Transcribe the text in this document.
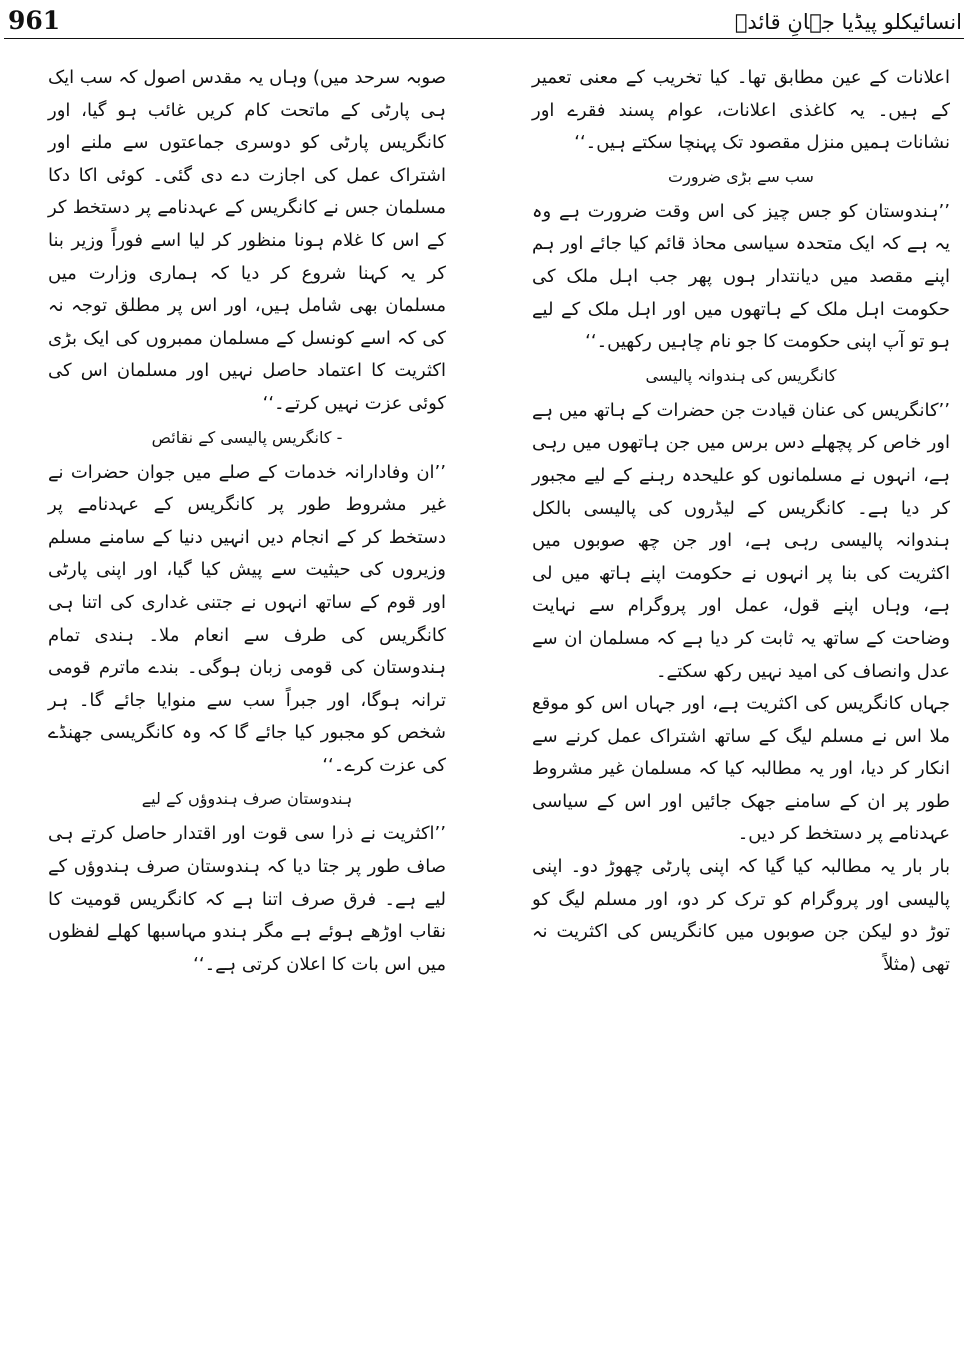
961	انسائیکلو پیڈیا جہانِ قائدؒ

اعلانات کے عین مطابق تھا۔ کیا تخریب کے معنی تعمیر کے ہیں۔ یہ کاغذی اعلانات، عوام پسند فقرے اور نشانات ہمیں منزل مقصود تک پہنچا سکتے ہیں۔‘‘

سب سے بڑی ضرورت

’’ہندوستان کو جس چیز کی اس وقت ضرورت ہے وہ یہ ہے کہ ایک متحدہ سیاسی محاذ قائم کیا جائے اور ہم اپنے مقصد میں دیانتدار ہوں پھر جب اہل ملک کی حکومت اہل ملک کے ہاتھوں میں اور اہل ملک کے لیے ہو تو آپ اپنی حکومت کا جو نام چاہیں رکھیں۔‘‘

کانگریس کی ہندوانہ پالیسی

’’کانگریس کی عنان قیادت جن حضرات کے ہاتھ میں ہے اور خاص کر پچھلے دس برس میں جن ہاتھوں میں رہی ہے، انہوں نے مسلمانوں کو علیحدہ رہنے کے لیے مجبور کر دیا ہے۔ کانگریس کے لیڈروں کی پالیسی بالکل ہندوانہ پالیسی رہی ہے، اور جن چھ صوبوں میں اکثریت کی بنا پر انہوں نے حکومت اپنے ہاتھ میں لی ہے، وہاں اپنے قول، عمل اور پروگرام سے نہایت وضاحت کے ساتھ یہ ثابت کر دیا ہے کہ مسلمان ان سے عدل وانصاف کی امید نہیں رکھ سکتے۔

جہاں کانگریس کی اکثریت ہے، اور جہاں اس کو موقع ملا اس نے مسلم لیگ کے ساتھ اشتراک عمل کرنے سے انکار کر دیا، اور یہ مطالبہ کیا کہ مسلمان غیر مشروط طور پر ان کے سامنے جھک جائیں اور اس کے سیاسی عہدنامے پر دستخط کر دیں۔

بار بار یہ مطالبہ کیا گیا کہ اپنی پارٹی چھوڑ دو۔ اپنی پالیسی اور پروگرام کو ترک کر دو، اور مسلم لیگ کو توڑ دو لیکن جن صوبوں میں کانگریس کی اکثریت نہ تھی (مثلاً

صوبہ سرحد میں) وہاں یہ مقدس اصول کہ سب ایک ہی پارٹی کے ماتحت کام کریں غائب ہو گیا، اور کانگریس پارٹی کو دوسری جماعتوں سے ملنے اور اشتراک عمل کی اجازت دے دی گئی۔ کوئی اکا دکا مسلمان جس نے کانگریس کے عہدنامے پر دستخط کر کے اس کا غلام ہونا منظور کر لیا اسے فوراً وزیر بنا کر یہ کہنا شروع کر دیا کہ ہماری وزارت میں مسلمان بھی شامل ہیں، اور اس پر مطلق توجہ نہ کی کہ اسے کونسل کے مسلمان ممبروں کی ایک بڑی اکثریت کا اعتماد حاصل نہیں اور مسلمان اس کی کوئی عزت نہیں کرتے۔‘‘

- کانگریس پالیسی کے نقائص

’’ان وفادارانہ خدمات کے صلے میں جوان حضرات نے غیر مشروط طور پر کانگریس کے عہدنامے پر دستخط کر کے انجام دیں انہیں دنیا کے سامنے مسلم وزیروں کی حیثیت سے پیش کیا گیا، اور اپنی پارٹی اور قوم کے ساتھ انہوں نے جتنی غداری کی اتنا ہی کانگریس کی طرف سے انعام ملا۔ ہندی تمام ہندوستان کی قومی زبان ہوگی۔ بندے ماترم قومی ترانہ ہوگا، اور جبراً سب سے منوایا جائے گا۔ ہر شخص کو مجبور کیا جائے گا کہ وہ کانگریسی جھنڈے کی عزت کرے۔‘‘

ہندوستان صرف ہندوؤں کے لیے

’’اکثریت نے ذرا سی قوت اور اقتدار حاصل کرتے ہی صاف طور پر جتا دیا کہ ہندوستان صرف ہندوؤں کے لیے ہے۔ فرق صرف اتنا ہے کہ کانگریس قومیت کا نقاب اوڑھے ہوئے ہے مگر ہندو مہاسبھا کھلے لفظوں میں اس بات کا اعلان کرتی ہے۔‘‘
